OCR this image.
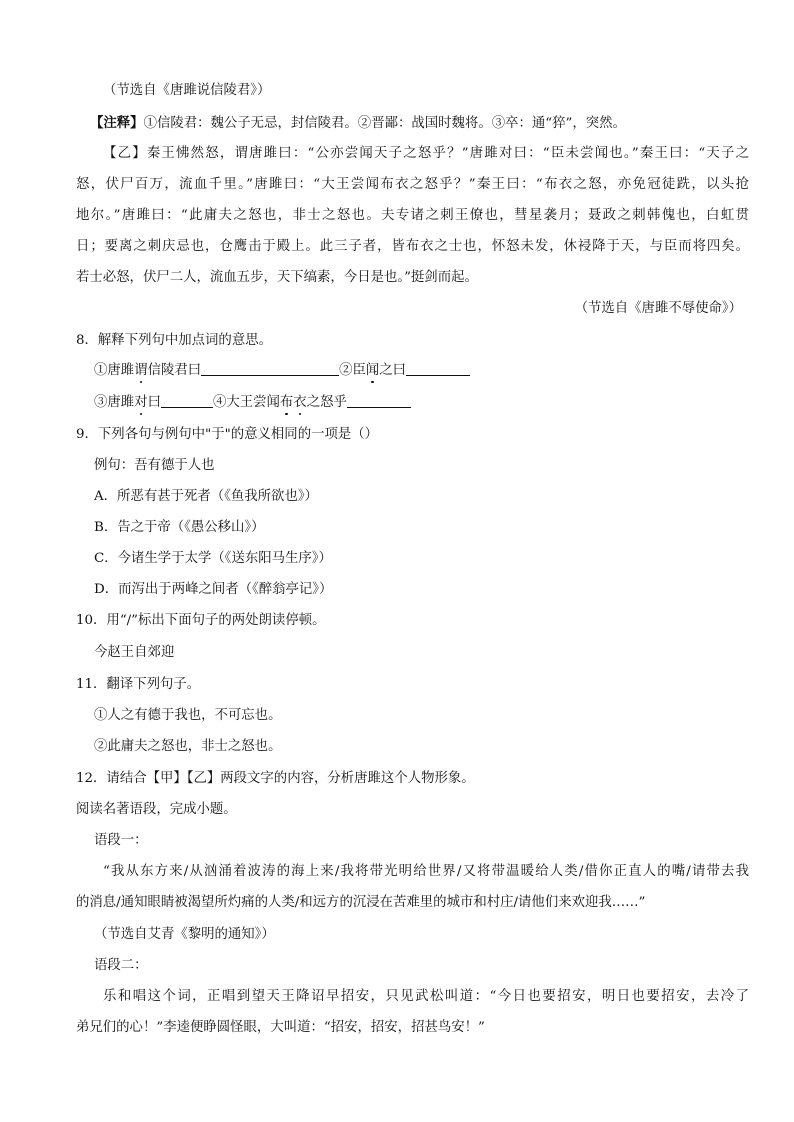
（节选自《唐雎说信陵君》）
【注释】①信陵君：魏公子无忌，封信陵君。②晋鄙：战国时魏将。③卒：通“猝”，突然。
【乙】秦王怫然怒，谓唐雎曰：“公亦尝闻天子之怒乎？”唐雎对曰：“臣未尝闻也。”秦王曰：“天子之
怒，伏尸百万，流血千里。”唐雎曰：“大王尝闻布衣之怒乎？”秦王曰：“布衣之怒，亦免冠徒跣，以头抢
地尔。”唐雎曰：“此庸夫之怒也，非士之怒也。夫专诸之刺王僚也，彗星袭月；聂政之刺韩傀也，白虹贯
日；要离之刺庆忌也，仓鹰击于殿上。此三子者，皆布衣之士也，怀怒未发，休祲降于天，与臣而将四矣。
若士必怒，伏尸二人，流血五步，天下缟素，今日是也。”挺剑而起。
（节选自《唐雎不辱使命》）
8．解释下列句中加点词的意思。
①唐雎谓信陵君曰	②臣闻之曰
③唐雎对曰	④大王尝闻布衣之怒乎
9．下列各句与例句中"于"的意义相同的一项是（）
例句：吾有德于人也
A．所恶有甚于死者（《鱼我所欲也》）
B．告之于帝（《愚公移山》）
C．今诸生学于太学（《送东阳马生序》）
D．而泻出于两峰之间者（《醉翁亭记》）
10．用“/”标出下面句子的两处朗读停顿。
今赵王自郊迎
11．翻译下列句子。
①人之有德于我也，不可忘也。
②此庸夫之怒也，非士之怒也。
12．请结合【甲】【乙】两段文字的内容，分析唐雎这个人物形象。
阅读名著语段，完成小题。
语段一：
“我从东方来/从汹涌着波涛的海上来/我将带光明给世界/又将带温暖给人类/借你正直人的嘴/请带去我
的消息/通知眼睛被渴望所灼痛的人类/和远方的沉浸在苦难里的城市和村庄/请他们来欢迎我……”
（节选自艾青《黎明的通知》）
语段二：
乐和唱这个词，正唱到望天王降诏早招安，只见武松叫道：“今日也要招安，明日也要招安，去冷了
弟兄们的心！”李逵便睁圆怪眼，大叫道：“招安，招安，招甚鸟安！”
